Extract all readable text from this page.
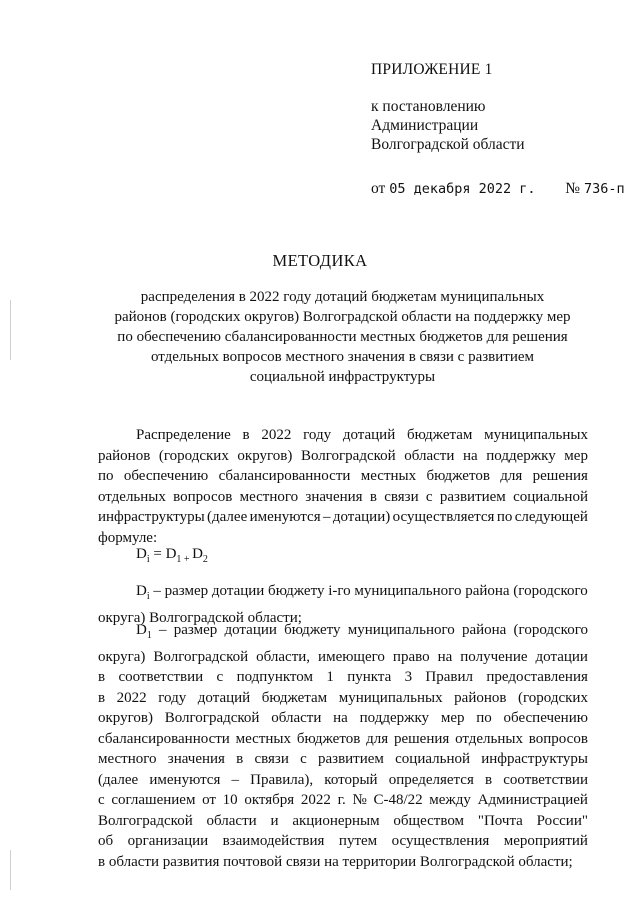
ПРИЛОЖЕНИЕ 1
к постановлению
Администрации
Волгоградской области
от 05 декабря 2022 г. № 736-п
МЕТОДИКА
распределения в 2022 году дотаций бюджетам муниципальных
районов (городских округов) Волгоградской области на поддержку мер
по обеспечению сбалансированности местных бюджетов для решения
отдельных вопросов местного значения в связи с развитием
социальной инфраструктуры
Распределение в 2022 году дотаций бюджетам муниципальных
районов (городских округов) Волгоградской области на поддержку мер
по обеспечению сбалансированности местных бюджетов для решения
отдельных вопросов местного значения в связи с развитием социальной
инфраструктуры (далее именуются – дотации) осуществляется по следующей
формуле:
$D_i = D_1$ $_+$ $D_2$
$D_i$ – размер дотации бюджету i-го муниципального района (городского
округа) Волгоградской области;
$D_1$ – размер дотации бюджету муниципального района (городского
округа) Волгоградской области, имеющего право на получение дотации
в соответствии с подпунктом 1 пункта 3 Правил предоставления
в 2022 году дотаций бюджетам муниципальных районов (городских
округов) Волгоградской области на поддержку мер по обеспечению
сбалансированности местных бюджетов для решения отдельных вопросов
местного значения в связи с развитием социальной инфраструктуры
(далее именуются – Правила), который определяется в соответствии
с соглашением от 10 октября 2022 г. № С-48/22 между Администрацией
Волгоградской области и акционерным обществом "Почта России"
об организации взаимодействия путем осуществления мероприятий
в области развития почтовой связи на территории Волгоградской области;
